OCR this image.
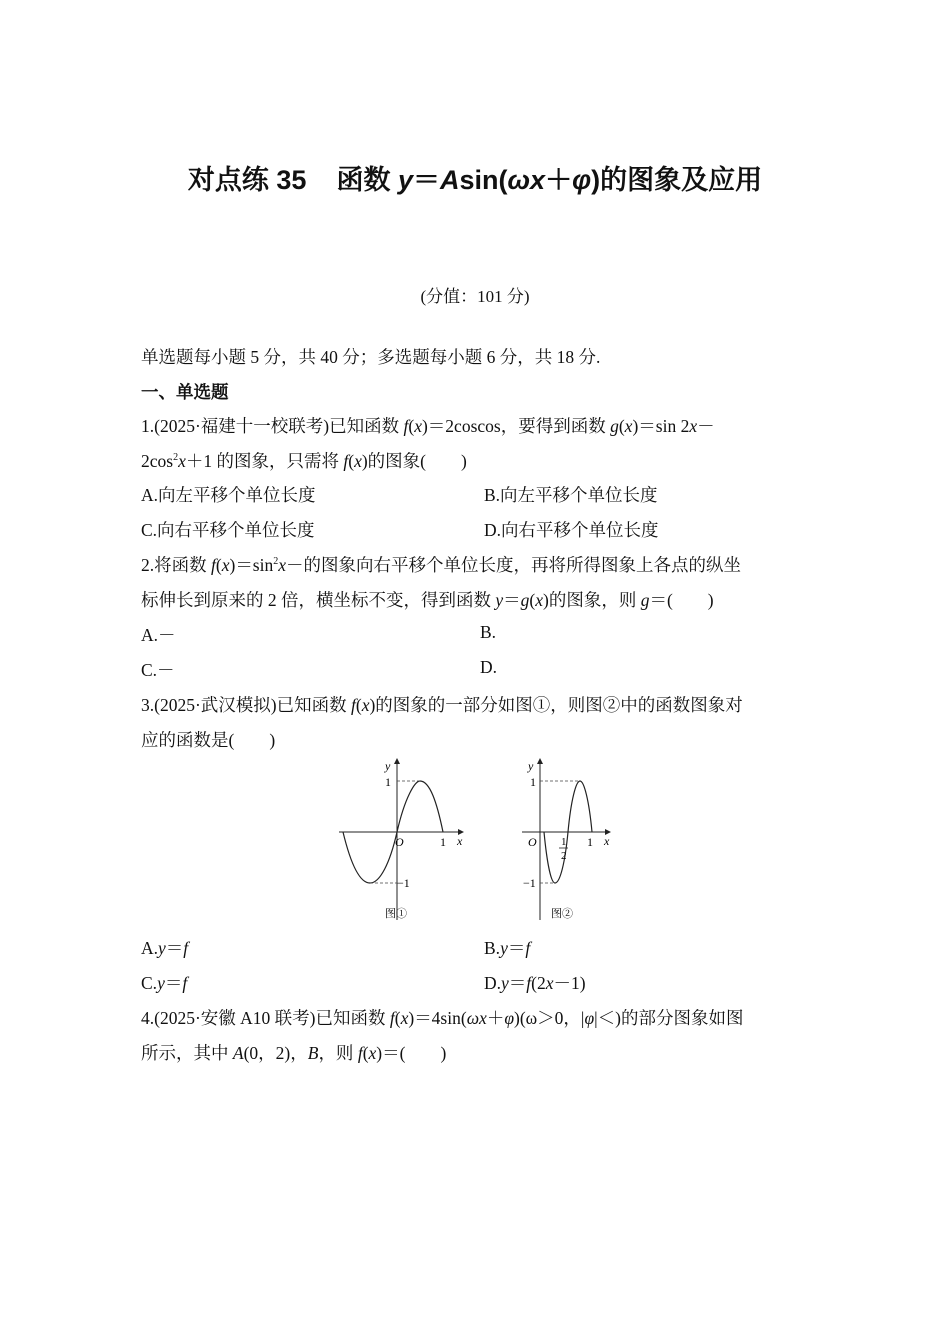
对点练 35 函数 y＝Asin(ωx＋φ)的图象及应用
(分值：101 分)
单选题每小题 5 分，共 40 分；多选题每小题 6 分，共 18 分.
一、单选题
1.(2025·福建十一校联考)已知函数 f(x)＝2coscos，要得到函数 g(x)＝sin 2x－
$2\cos^2x+1$ 的图象，只需将 f(x)的图象(　　)
A.向左平移个单位长度	B.向左平移个单位长度
C.向右平移个单位长度	D.向右平移个单位长度
2.将函数 $f(x)=\sin^2x-$的图象向右平移个单位长度，再将所得图象上各点的纵坐
标伸长到原来的 2 倍，横坐标不变，得到函数 y＝g(x)的图象，则 g＝(　　)
A.－	B.
C.－	D.
3.(2025·武汉模拟)已知函数 f(x)的图象的一部分如图①，则图②中的函数图象对
应的函数是(　　)
y
x
O
1
1
−1
图①
y
x
O
1
−1
1
2
1
图②
A.y＝f	B.y＝f
C.y＝f	D.y＝f(2x－1)
4.(2025·安徽 A10 联考)已知函数 f(x)＝4sin(ωx＋φ)(ω＞0，|φ|＜)的部分图象如图
所示，其中 A(0，2)，B，则 f(x)＝(　　)
